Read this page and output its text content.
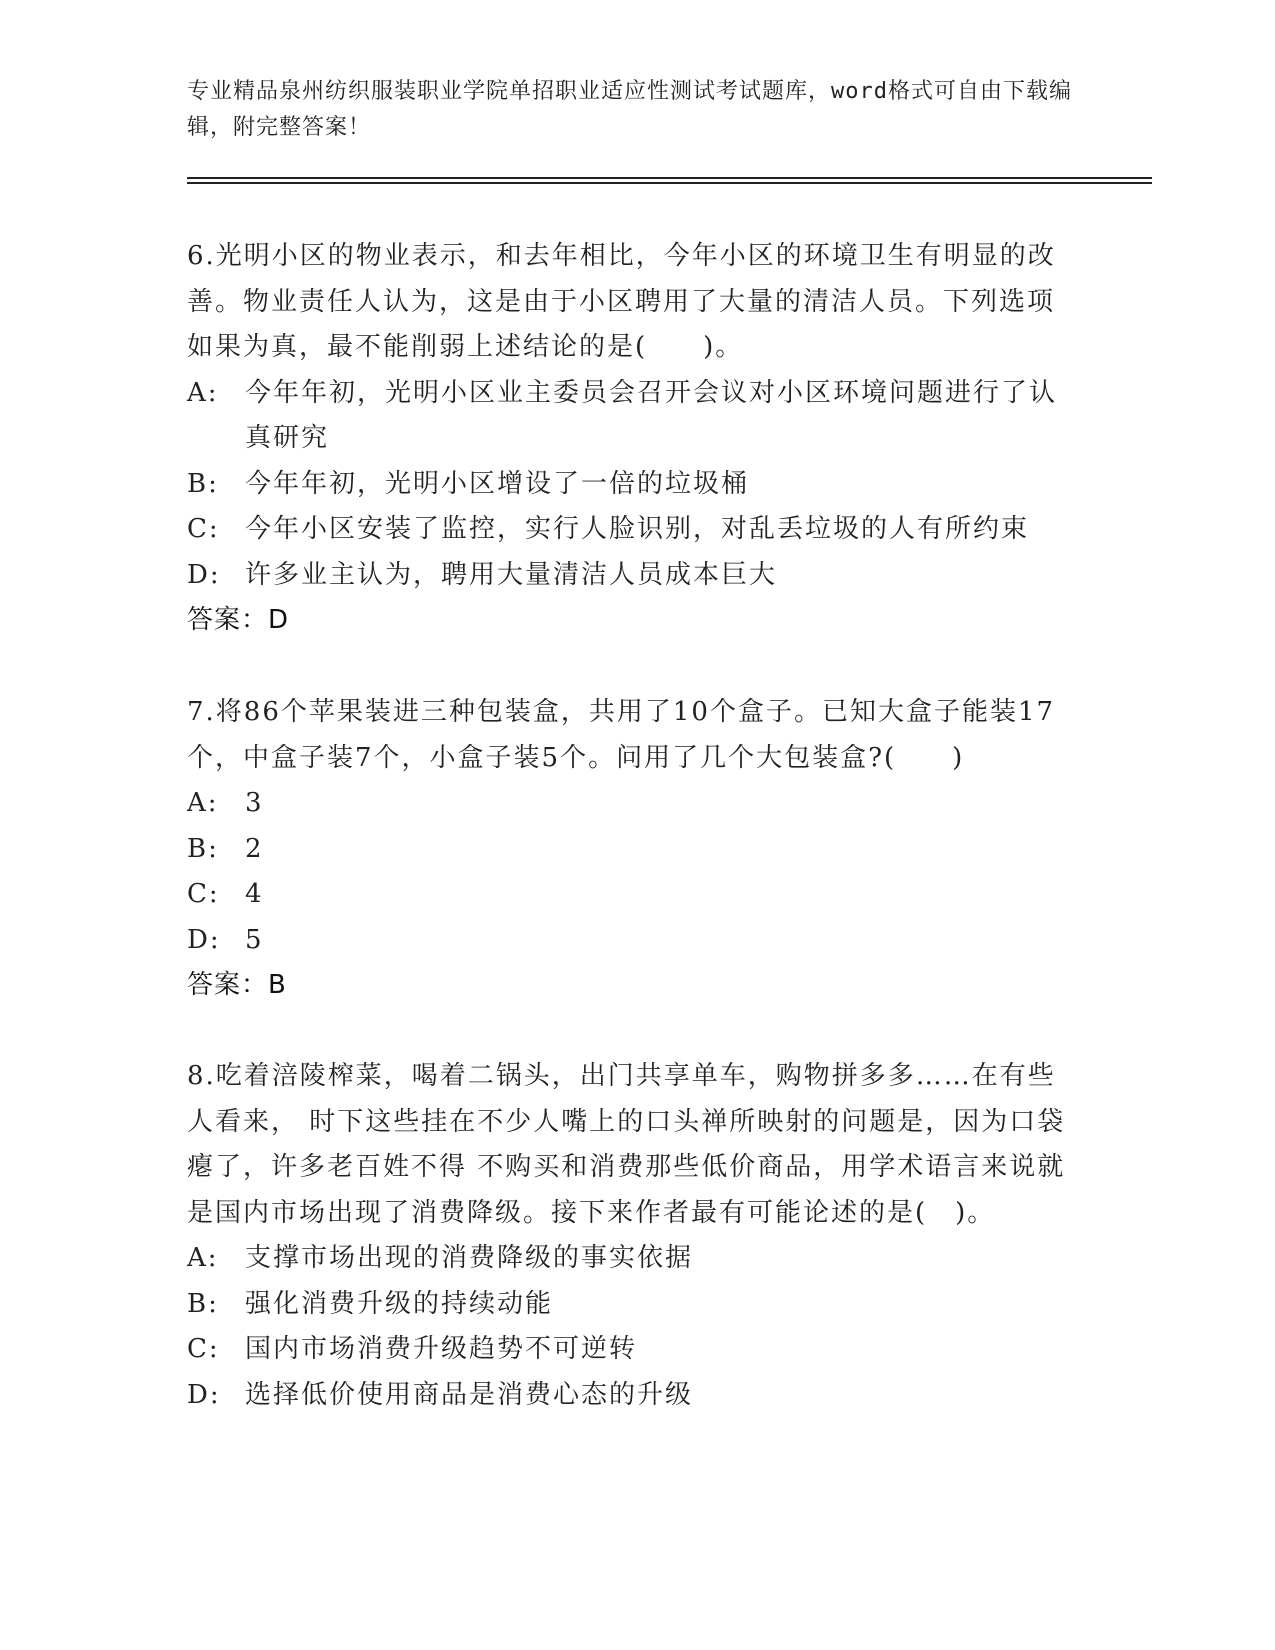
专业精品泉州纺织服装职业学院单招职业适应性测试考试题库，word格式可自由下载编辑，附完整答案！

6.光明小区的物业表示，和去年相比，今年小区的环境卫生有明显的改善。物业责任人认为，这是由于小区聘用了大量的清洁人员。下列选项如果为真，最不能削弱上述结论的是(　　)。

A:	今年年初，光明小区业主委员会召开会议对小区环境问题进行了认真研究
B:	今年年初，光明小区增设了一倍的垃圾桶
C: 今年小区安装了监控，实行人脸识别，对乱丢垃圾的人有所约束
D: 许多业主认为，聘用大量清洁人员成本巨大

答案：D

7.将86个苹果装进三种包装盒，共用了10个盒子。已知大盒子能装17个，中盒子装7个，小盒子装5个。问用了几个大包装盒?(　　)

A:	3
B:	2
C: 4
D: 5

答案：B

8.吃着涪陵榨菜，喝着二锅头，出门共享单车，购物拼多多……在有些人看来， 时下这些挂在不少人嘴上的口头禅所映射的问题是，因为口袋瘪了，许多老百姓不得 不购买和消费那些低价商品，用学术语言来说就是国内市场出现了消费降级。接下来作者最有可能论述的是(　)。

A:	支撑市场出现的消费降级的事实依据
B:	强化消费升级的持续动能
C: 国内市场消费升级趋势不可逆转
D: 选择低价使用商品是消费心态的升级
